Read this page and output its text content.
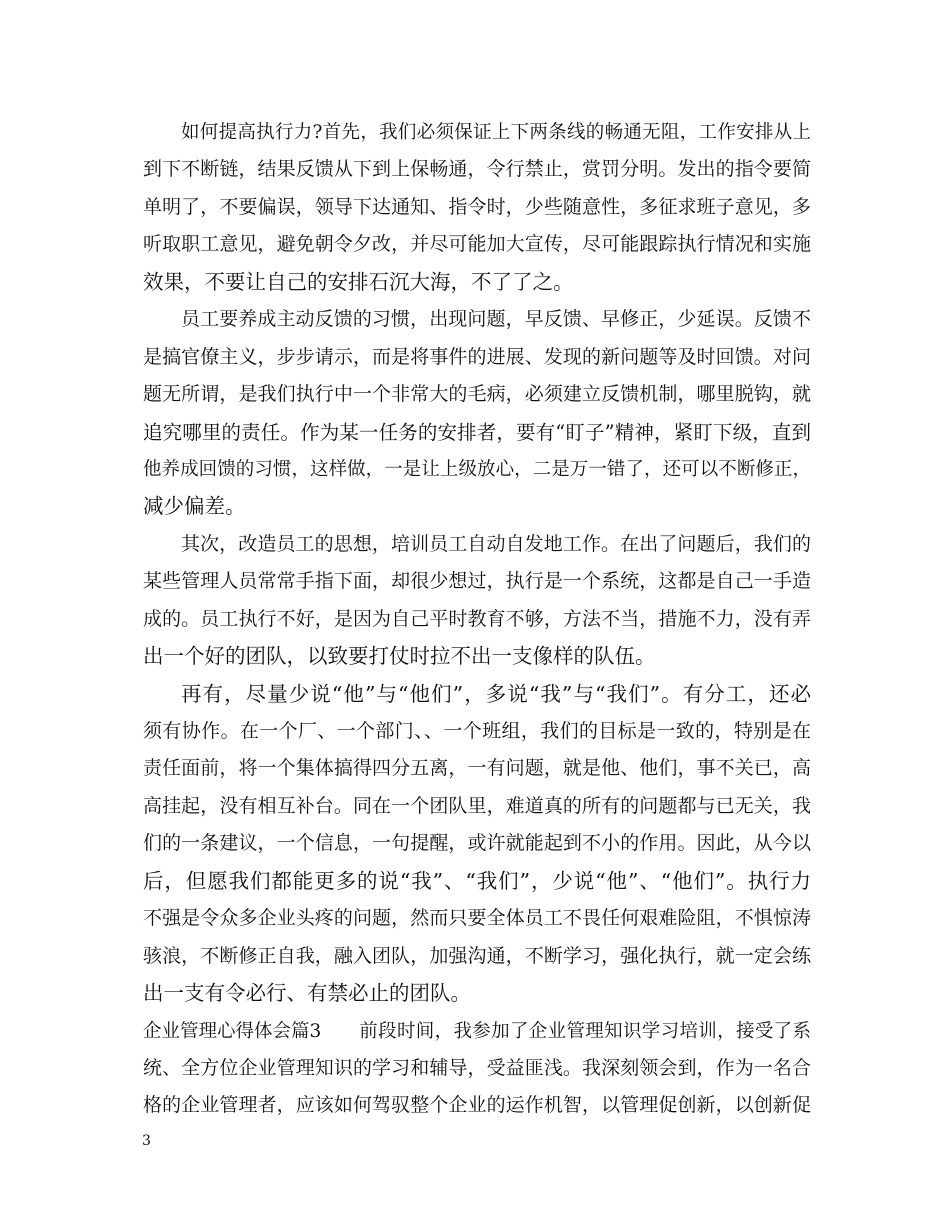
如何提高执行力?首先，我们必须保证上下两条线的畅通无阻，工作安排从上
到下不断链，结果反馈从下到上保畅通，令行禁止，赏罚分明。发出的指令要简
单明了，不要偏误，领导下达通知、指令时，少些随意性，多征求班子意见，多
听取职工意见，避免朝令夕改，并尽可能加大宣传，尽可能跟踪执行情况和实施
效果，不要让自己的安排石沉大海，不了了之。
员工要养成主动反馈的习惯，出现问题，早反馈、早修正，少延误。反馈不
是搞官僚主义，步步请示，而是将事件的进展、发现的新问题等及时回馈。对问
题无所谓，是我们执行中一个非常大的毛病，必须建立反馈机制，哪里脱钩，就
追究哪里的责任。作为某一任务的安排者，要有“盯子”精神，紧盯下级，直到
他养成回馈的习惯，这样做，一是让上级放心，二是万一错了，还可以不断修正，
减少偏差。
其次，改造员工的思想，培训员工自动自发地工作。在出了问题后，我们的
某些管理人员常常手指下面，却很少想过，执行是一个系统，这都是自己一手造
成的。员工执行不好，是因为自己平时教育不够，方法不当，措施不力，没有弄
出一个好的团队，以致要打仗时拉不出一支像样的队伍。
再有，尽量少说“他”与“他们”，多说“我”与“我们”。有分工，还必
须有协作。在一个厂、一个部门、、一个班组，我们的目标是一致的，特别是在
责任面前，将一个集体搞得四分五离，一有问题，就是他、他们，事不关已，高
高挂起，没有相互补台。同在一个团队里，难道真的所有的问题都与已无关，我
们的一条建议，一个信息，一句提醒，或许就能起到不小的作用。因此，从今以
后，但愿我们都能更多的说“我”、“我们”，少说“他”、“他们”。执行力
不强是令众多企业头疼的问题，然而只要全体员工不畏任何艰难险阻，不惧惊涛
骇浪，不断修正自我，融入团队，加强沟通，不断学习，强化执行，就一定会练
出一支有令必行、有禁必止的团队。
企业管理心得体会篇3 前段时间，我参加了企业管理知识学习培训，接受了系
统、全方位企业管理知识的学习和辅导，受益匪浅。我深刻领会到，作为一名合
格的企业管理者，应该如何驾驭整个企业的运作机智，以管理促创新，以创新促
3
